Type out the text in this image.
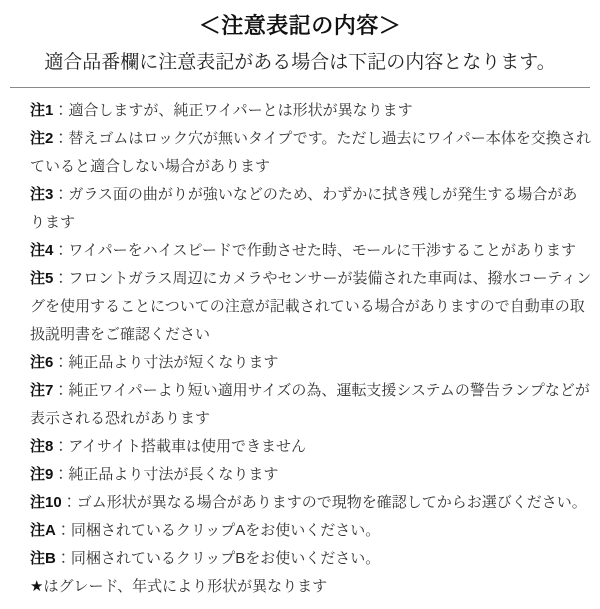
＜注意表記の内容＞

適合品番欄に注意表記がある場合は下記の内容となります。

注1：適合しますが、純正ワイパーとは形状が異なります

注2：替えゴムはロック穴が無いタイプです。ただし過去にワイパー本体を交換されていると適合しない場合があります

注3：ガラス面の曲がりが強いなどのため、わずかに拭き残しが発生する場合があります

注4：ワイパーをハイスピードで作動させた時、モールに干渉することがあります

注5：フロントガラス周辺にカメラやセンサーが装備された車両は、撥水コーティングを使用することについての注意が記載されている場合がありますので自動車の取扱説明書をご確認ください

注6：純正品より寸法が短くなります

注7：純正ワイパーより短い適用サイズの為、運転支援システムの警告ランプなどが表示される恐れがあります

注8：アイサイト搭載車は使用できません

注9：純正品より寸法が長くなります

注10：ゴム形状が異なる場合がありますので現物を確認してからお選びください。

注A：同梱されているクリップAをお使いください。

注B：同梱されているクリップBをお使いください。

★はグレード、年式により形状が異なります
